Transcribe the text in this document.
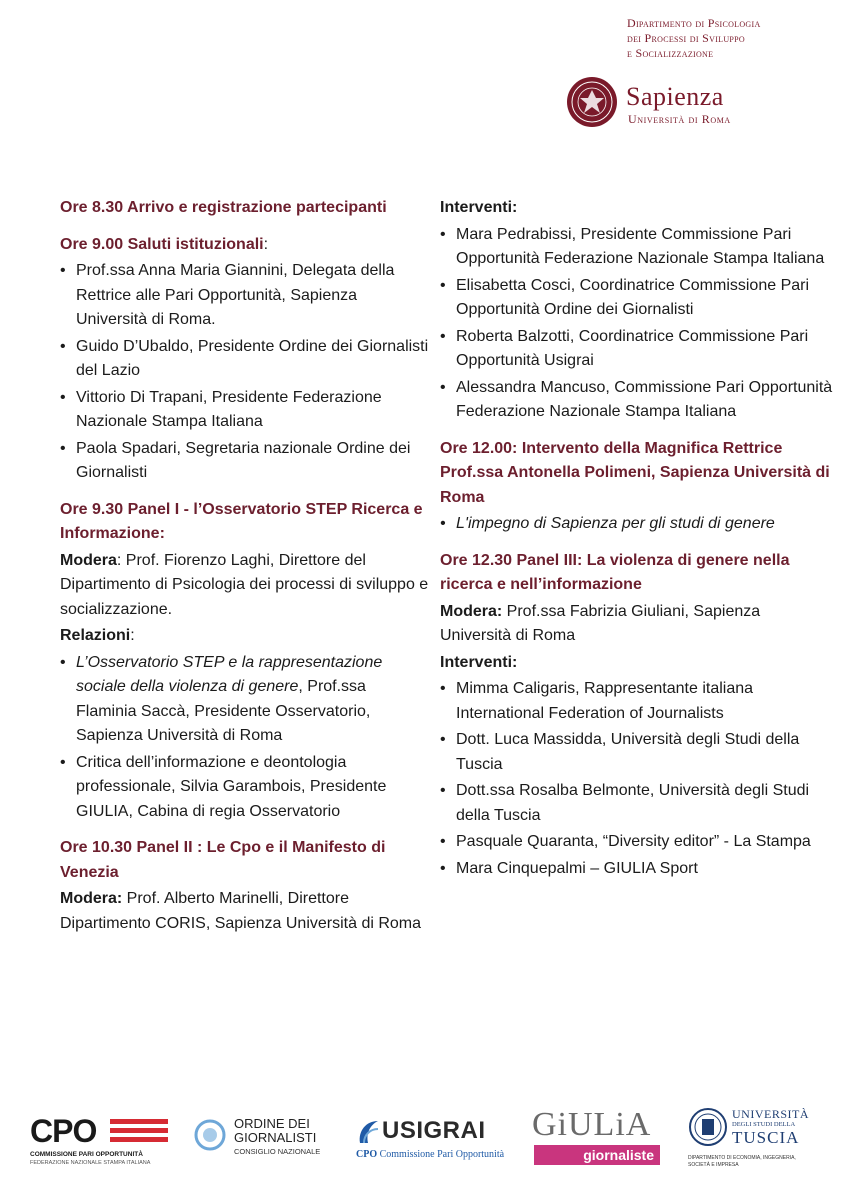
Dipartimento di Psicologia
dei Processi di Sviluppo
e Socializzazione
Sapienza
Università di Roma
Ore 8.30 Arrivo e registrazione partecipanti
Ore 9.00 Saluti istituzionali:
• Prof.ssa Anna Maria Giannini, Delegata della Rettrice alle Pari Opportunità, Sapienza Università di Roma.
• Guido D’Ubaldo, Presidente Ordine dei Giornalisti del Lazio
• Vittorio Di Trapani, Presidente Federazione Nazionale Stampa Italiana
• Paola Spadari, Segretaria nazionale Ordine dei Giornalisti
Ore 9.30 Panel I - l’Osservatorio STEP Ricerca e Informazione:
Modera: Prof. Fiorenzo Laghi, Direttore del Dipartimento di Psicologia dei processi di sviluppo e socializzazione.
Relazioni:
• L’Osservatorio STEP e la rappresentazione sociale della violenza di genere, Prof.ssa Flaminia Saccà, Presidente Osservatorio, Sapienza Università di Roma
• Critica dell’informazione e deontologia professionale, Silvia Garambois, Presidente GIULIA, Cabina di regia Osservatorio
Ore 10.30 Panel II : Le Cpo e il Manifesto di Venezia
Modera: Prof. Alberto Marinelli, Direttore Dipartimento CORIS, Sapienza Università di Roma
Interventi:
• Mara Pedrabissi, Presidente Commissione Pari Opportunità Federazione Nazionale Stampa Italiana
• Elisabetta Cosci, Coordinatrice Commissione Pari Opportunità Ordine dei Giornalisti
• Roberta Balzotti, Coordinatrice Commissione Pari Opportunità Usigrai
• Alessandra Mancuso, Commissione Pari Opportunità Federazione Nazionale Stampa Italiana
Ore 12.00: Intervento della Magnifica Rettrice Prof.ssa Antonella Polimeni, Sapienza Università di Roma
• L'impegno di Sapienza per gli studi di genere
Ore 12.30 Panel III: La violenza di genere nella ricerca e nell’informazione
Modera: Prof.ssa Fabrizia Giuliani, Sapienza Università di Roma
Interventi:
• Mimma Caligaris, Rappresentante italiana International Federation of Journalists
• Dott. Luca Massidda, Università degli Studi della Tuscia
• Dott.ssa Rosalba Belmonte, Università degli Studi della Tuscia
• Pasquale Quaranta, “Diversity editor” - La Stampa
• Mara Cinquepalmi – GIULIA Sport
CPO
COMMISSIONE PARI OPPORTUNITÀ
FEDERAZIONE NAZIONALE STAMPA ITALIANA
ORDINE DEI
GIORNALISTI
CONSIGLIO NAZIONALE
USIGRAI
CPO Commissione Pari Opportunità
GiULiA
giornaliste
UNIVERSITÀ
DEGLI STUDI DELLA
TUSCIA
DIPARTIMENTO DI ECONOMIA, INGEGNERIA,
SOCIETÀ E IMPRESA
